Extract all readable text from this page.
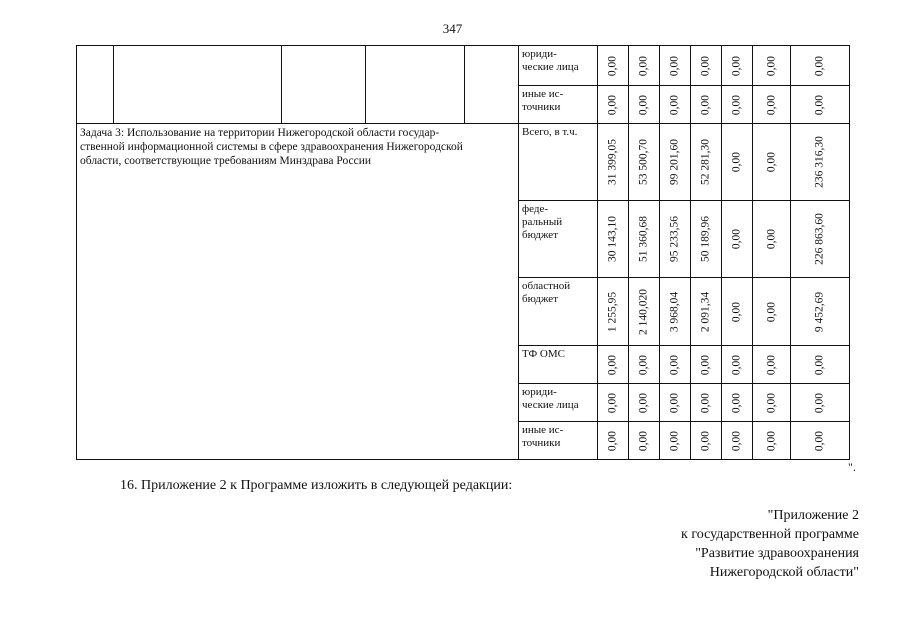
347
					юриди-
ческие лица	0,00	0,00	0,00	0,00	0,00	0,00	0,00

					иные ис-
точники	0,00	0,00	0,00	0,00	0,00	0,00	0,00

Задача 3: Использование на территории Нижегородской области государ-
ственной информационной системы в сфере здравоохранения Нижегородской
области, соответствующие требованиям Минздрава России					Всего, в т.ч.	31 399,05	53 500,70	99 201,60	52 281,30	0,00	0,00	236 316,30

					феде-
ральный
бюджет	30 143,10	51 360,68	95 233,56	50 189,96	0,00	0,00	226 863,60

					областной
бюджет	1 255,95	2 140,020	3 968,04	2 091,34	0,00	0,00	9 452,69

					ТФ ОМС	0,00	0,00	0,00	0,00	0,00	0,00	0,00

					юриди-
ческие лица	0,00	0,00	0,00	0,00	0,00	0,00	0,00

					иные ис-
точники	0,00	0,00	0,00	0,00	0,00	0,00	0,00
".
16. Приложение 2 к Программе изложить в следующей редакции:
"Приложение 2
к государственной программе
"Развитие здравоохранения
Нижегородской области"
